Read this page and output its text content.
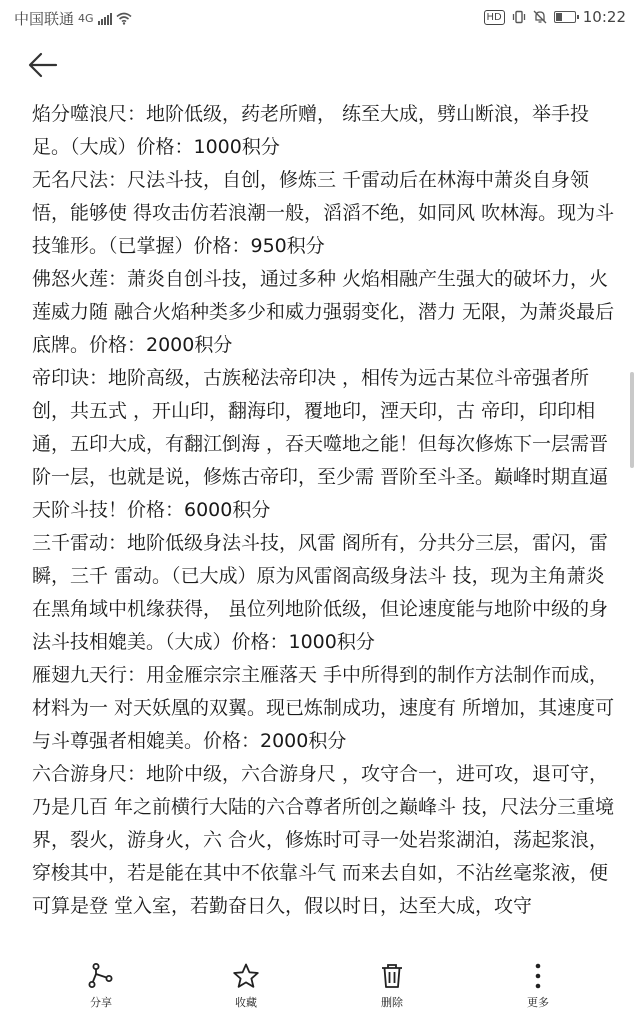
中国联通 4G	HD	10:22

焰分噬浪尺：地阶低级，药老所赠， 练至大成，劈山断浪，举手投足。（大成）价格：1000积分

无名尺法：尺法斗技，自创，修炼三 千雷动后在林海中萧炎自身领悟，能够使 得攻击仿若浪潮一般，滔滔不绝，如同风 吹林海。现为斗技雏形。（已掌握）价格：950积分

佛怒火莲：萧炎自创斗技，通过多种 火焰相融产生强大的破坏力，火莲威力随 融合火焰种类多少和威力强弱变化，潜力 无限，为萧炎最后底牌。价格：2000积分

帝印诀：地阶高级，古族秘法帝印决 ，相传为远古某位斗帝强者所创，共五式 ，开山印，翻海印，覆地印，湮天印，古 帝印，印印相通，五印大成，有翻江倒海 ，吞天噬地之能！但每次修炼下一层需晋阶一层，也就是说，修炼古帝印，至少需 晋阶至斗圣。巅峰时期直逼天阶斗技！价格：6000积分

三千雷动：地阶低级身法斗技，风雷 阁所有，分共分三层，雷闪，雷瞬，三千 雷动。（已大成）原为风雷阁高级身法斗 技，现为主角萧炎在黑角域中机缘获得， 虽位列地阶低级，但论速度能与地阶中级的身法斗技相媲美。（大成）价格：1000积分

雁翅九天行：用金雁宗宗主雁落天 手中所得到的制作方法制作而成，材料为一 对天妖凰的双翼。现已炼制成功，速度有 所增加，其速度可与斗尊强者相媲美。价格：2000积分

六合游身尺：地阶中级，六合游身尺 ，攻守合一，进可攻，退可守，乃是几百 年之前横行大陆的六合尊者所创之巅峰斗 技，尺法分三重境界，裂火，游身火，六 合火，修炼时可寻一处岩浆湖泊，荡起浆浪，穿梭其中，若是能在其中不依靠斗气 而来去自如，不沾丝毫浆液，便可算是登 堂入室，若勤奋日久，假以时日，达至大成，攻守

分享	收藏	删除	更多
